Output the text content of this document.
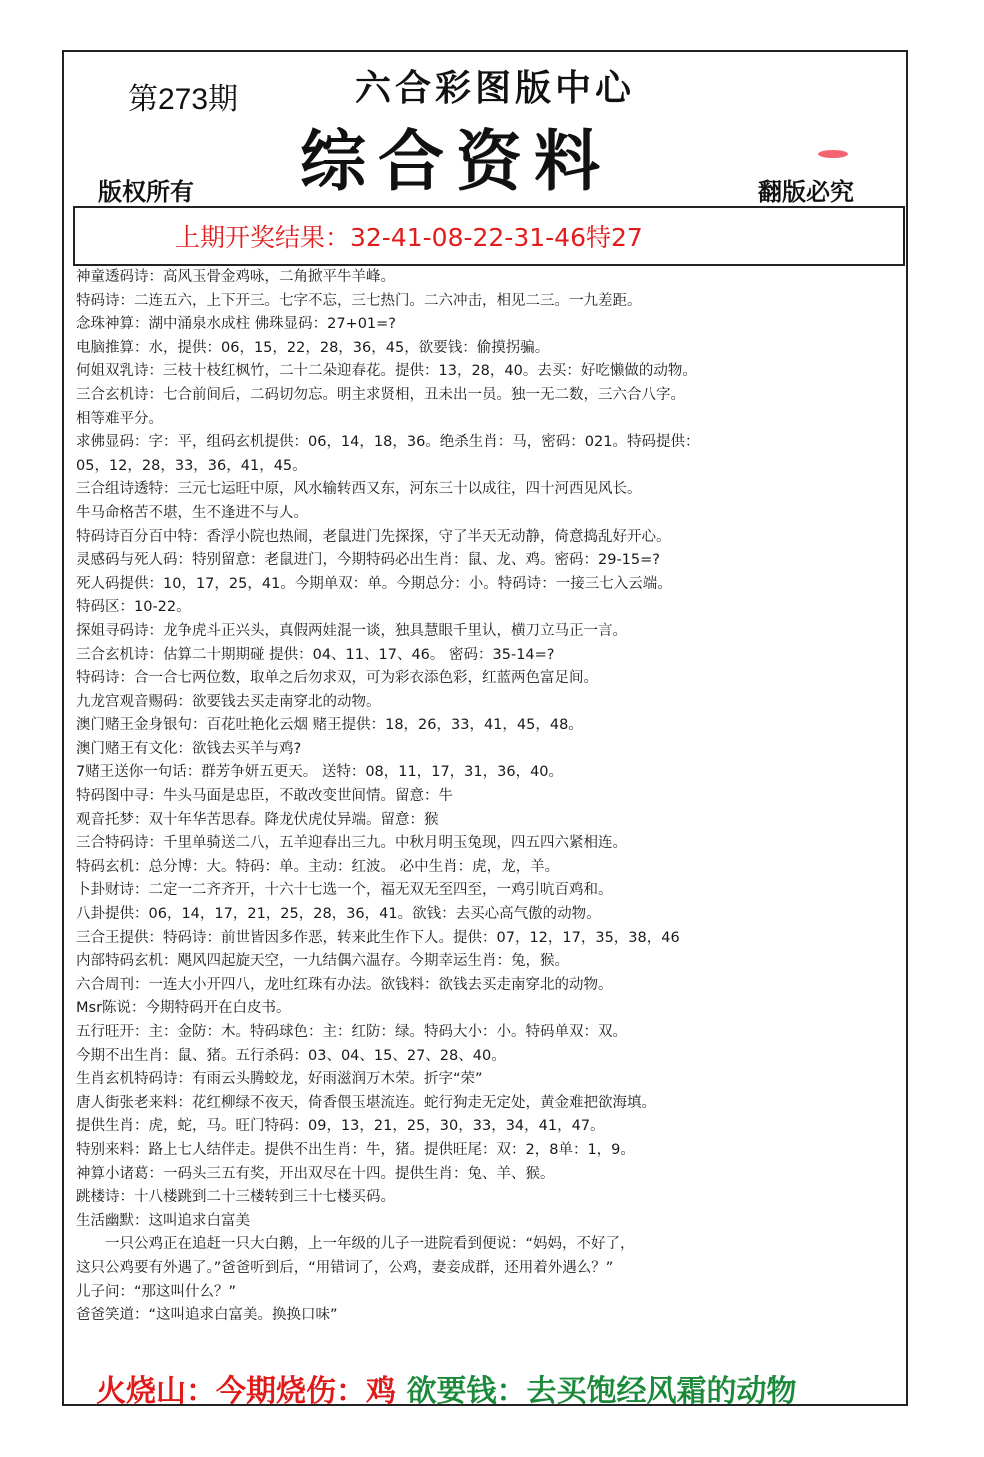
第273期	六合彩图版中心
综合资料
版权所有	翻版必究
上期开奖结果：32-41-08-22-31-46特27
神童透码诗：高风玉骨金鸡咏，二角掀平牛羊峰。
特码诗：二连五六，上下开三。七字不忘，三七热门。二六冲击，相见二三。一九差距。
念珠神算：湖中涌泉水成柱 佛珠显码：27+01=?
电脑推算：水，提供：06，15，22，28，36，45，欲要钱：偷摸拐骗。
何姐双乳诗：三枝十枝红枫竹，二十二朵迎春花。提供：13，28，40。去买：好吃懒做的动物。
三合玄机诗：七合前间后，二码切勿忘。明主求贤相，丑未出一员。独一无二数，三六合八字。
相等难平分。
求佛显码：字：平，组码玄机提供：06，14，18，36。绝杀生肖：马，密码：021。特码提供：
05，12，28，33，36，41，45。
三合组诗透特：三元七运旺中原，风水输转西又东，河东三十以成往，四十河西见风长。
牛马命格苦不堪，生不逢进不与人。
特码诗百分百中特：香浮小院也热闹，老鼠进门先探探，守了半天无动静，倚意捣乱好开心。
灵感码与死人码：特别留意：老鼠进门，今期特码必出生肖：鼠、龙、鸡。密码：29-15=?
死人码提供：10，17，25，41。今期单双：单。今期总分：小。特码诗：一接三七入云端。
特码区：10-22。
探姐寻码诗：龙争虎斗正兴头，真假两娃混一谈，独具慧眼千里认，横刀立马正一言。
三合玄机诗：估算二十期期碰 提供：04、11、17、46。 密码：35-14=?
特码诗：合一合七两位数，取单之后勿求双，可为彩衣添色彩，红蓝两色富足间。
九龙宫观音赐码：欲要钱去买走南穿北的动物。
澳门赌王金身银句：百花吐艳化云烟 赌王提供：18，26，33，41，45，48。
澳门赌王有文化：欲钱去买羊与鸡?
7赌王送你一句话：群芳争妍五更天。 送特：08，11，17，31，36，40。
特码图中寻：牛头马面是忠臣，不敢改变世间情。留意：牛
观音托梦：双十年华苦思春。降龙伏虎仗异端。留意：猴
三合特码诗：千里单骑送二八，五羊迎春出三九。中秋月明玉兔现，四五四六紧相连。
特码玄机：总分博：大。特码：单。主动：红波。 必中生肖：虎，龙，羊。
卜卦财诗：二定一二齐齐开，十六十七选一个，福无双无至四至，一鸡引吭百鸡和。
八卦提供：06，14，17，21，25，28，36，41。欲钱：去买心高气傲的动物。
三合王提供：特码诗：前世皆因多作恶，转来此生作下人。提供：07，12，17，35，38，46
内部特码玄机：飓风四起旋天空，一九结偶六温存。今期幸运生肖：兔，猴。
六合周刊：一连大小开四八，龙吐红珠有办法。欲钱料：欲钱去买走南穿北的动物。
Msr陈说：今期特码开在白皮书。
五行旺开：主：金防：木。特码球色：主：红防：绿。特码大小：小。特码单双：双。
今期不出生肖：鼠、猪。五行杀码：03、04、15、27、28、40。
生肖玄机特码诗：有雨云头腾蛟龙，好雨滋润万木荣。折字“荣”
唐人街张老来料：花红柳绿不夜天，倚香偎玉堪流连。蛇行狗走无定处，黄金难把欲海填。
提供生肖：虎，蛇，马。旺门特码：09，13，21，25，30，33，34，41，47。
特别来料：路上七人结伴走。提供不出生肖：牛，猪。提供旺尾：双：2，8单：1，9。
神算小诸葛：一码头三五有奖，开出双尽在十四。提供生肖：兔、羊、猴。
跳楼诗：十八楼跳到二十三楼转到三十七楼买码。
生活幽默：这叫追求白富美
　　一只公鸡正在追赶一只大白鹅，上一年级的儿子一进院看到便说：“妈妈，不好了，
这只公鸡要有外遇了。”爸爸听到后，“用错词了，公鸡，妻妾成群，还用着外遇么？”
儿子问：“那这叫什么？”
爸爸笑道：“这叫追求白富美。换换口味”
火烧山：今期烧伤：鸡 欲要钱：去买饱经风霜的动物
